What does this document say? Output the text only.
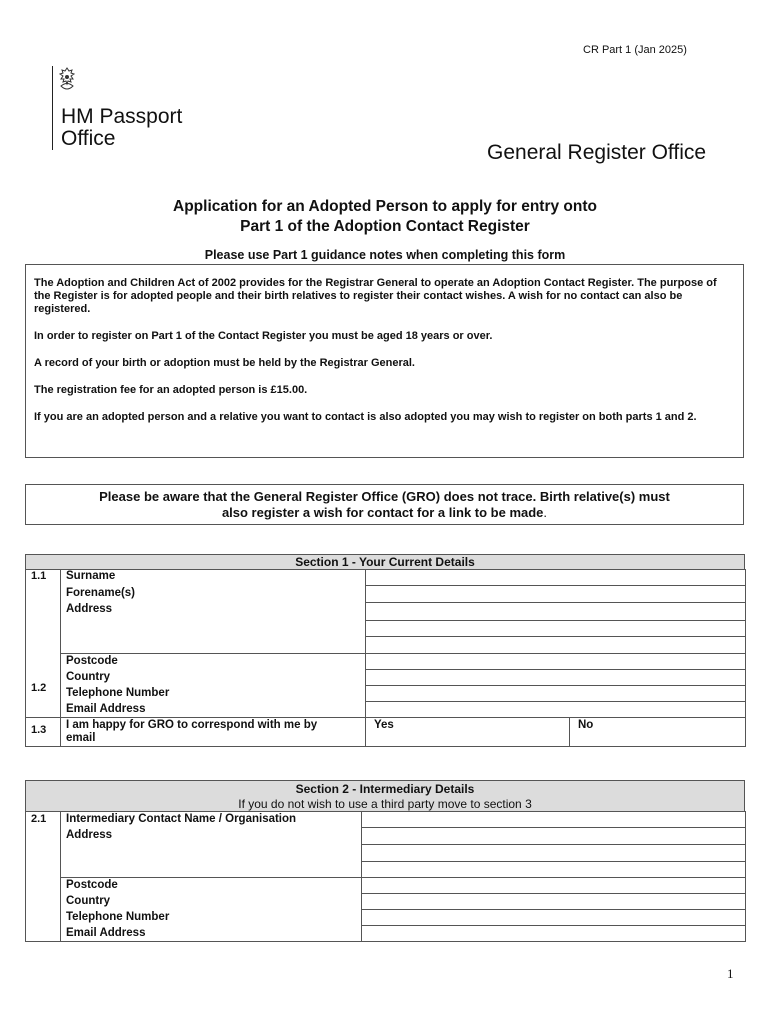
CR Part 1 (Jan 2025)
HM Passport
Office
General Register Office
Application for an Adopted Person to apply for entry onto
Part 1 of the Adoption Contact Register
Please use Part 1 guidance notes when completing this form

The Adoption and Children Act of 2002 provides for the Registrar General to operate an Adoption Contact Register. The purpose of the Register is for adopted people and their birth relatives to register their contact wishes. A wish for no contact can also be registered.

In order to register on Part 1 of the Contact Register you must be aged 18 years or over.

A record of your birth or adoption must be held by the Registrar General.

The registration fee for an adopted person is £15.00.

If you are an adopted person and a relative you want to contact is also adopted you may wish to register on both parts 1 and 2.

Please be aware that the General Register Office (GRO) does not trace. Birth relative(s) must
also register a wish for contact for a link to be made.
Section 1 - Your Current Details
1.1
1.2
1.3
Surname
Forename(s)
Address
Postcode
Country
Telephone Number
Email Address
I am happy for GRO to correspond with me by
email
Yes	No
Section 2 - Intermediary Details
If you do not wish to use a third party move to section 3
2.1 Intermediary Contact Name / Organisation
Address
Postcode
Country
Telephone Number
Email Address
1
